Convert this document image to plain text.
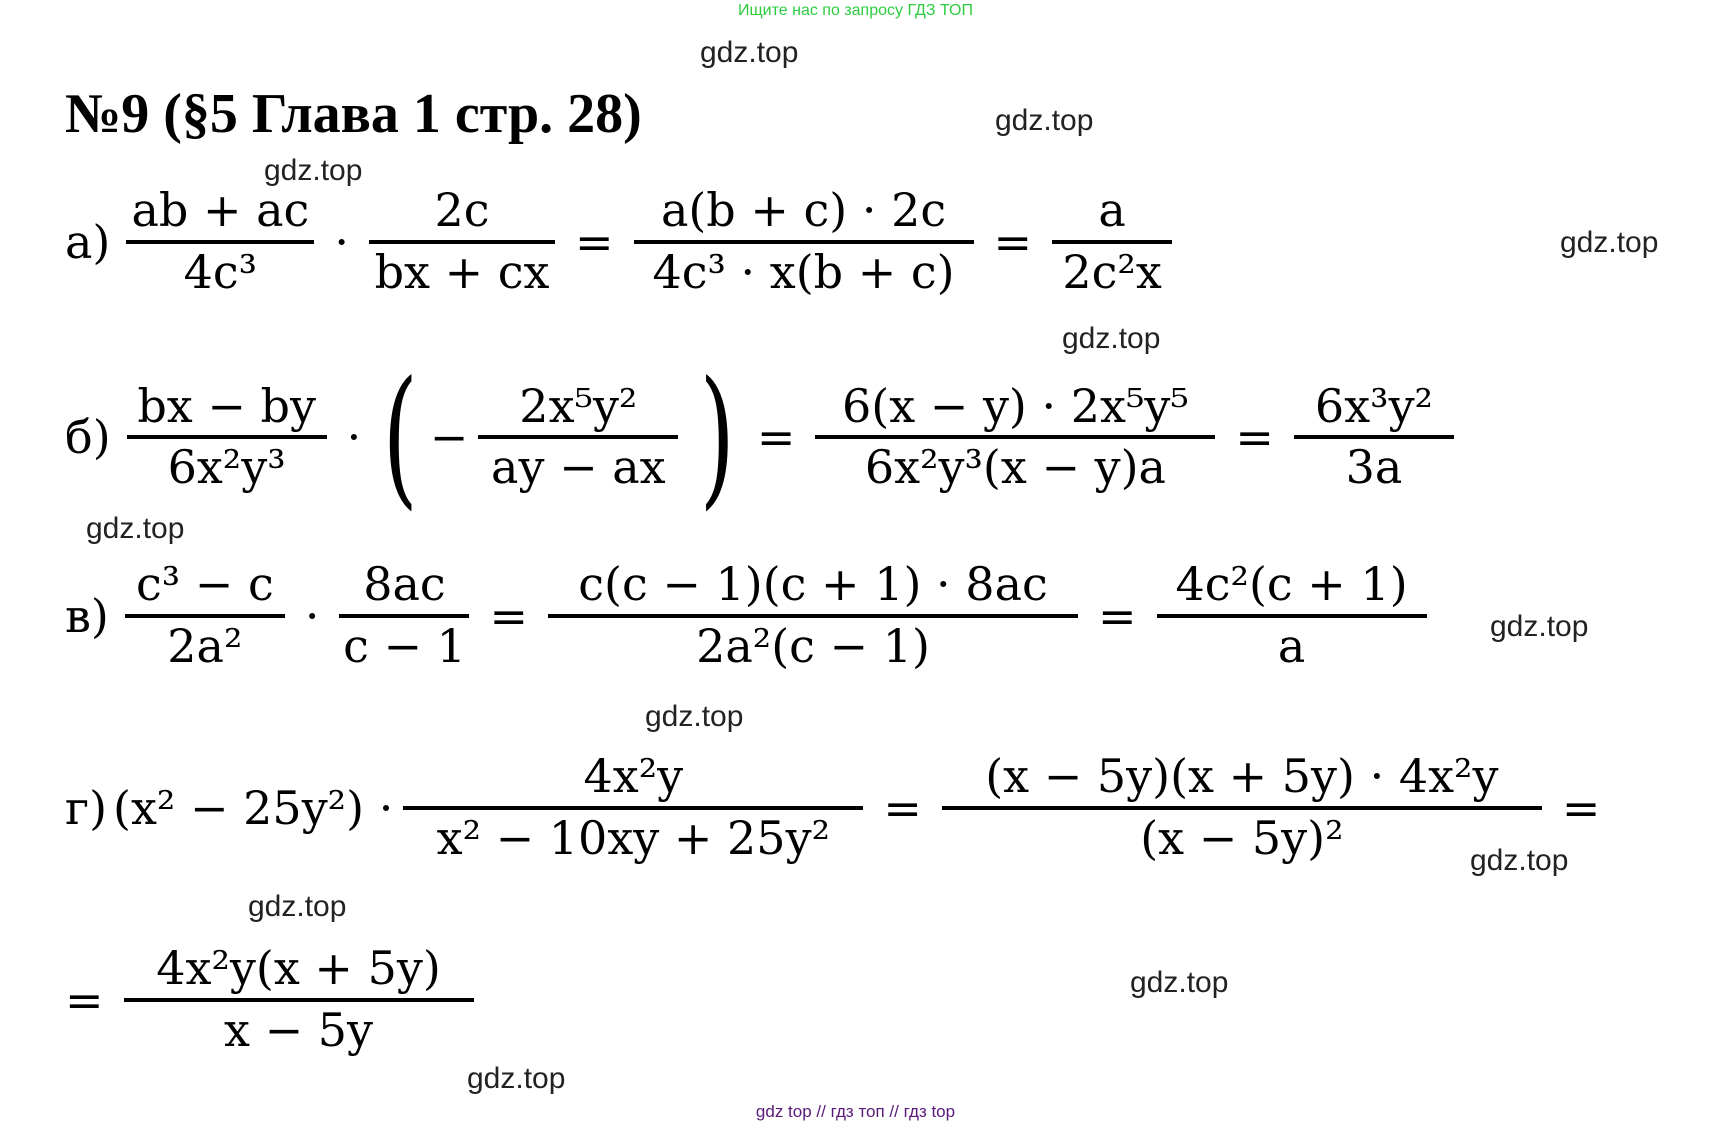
Ищите нас по запросу ГДЗ ТОП
gdz.top
№9 (§5 Глава 1 стр. 28)	gdz.top
gdz.top
gdz.top
$а) \frac{ab + ac}{\text{4c³}} \cdot \frac{2c}{bx + cx} = \frac{a(b + c) \cdot 2c}{\text{4c³ · x(b + c)}} = \frac{a}{\text{2c²x}}$
gdz.top
$б) \frac{bx - by}{\text{6x²y³}}$ · ( − $\frac{\text{2x⁵y²}}{ay - ax}$ ) = $\frac{\text{6(x − y) · 2x⁵y⁵}}{\text{6x²y³(x − y)a}} = \frac{\text{6x³y²}}{3a}$
gdz.top
$в) \frac{\text{c³ − c}}{\text{2a²}} \cdot \frac{8ac}{c - 1} = \frac{c(c - 1)(c + 1) \cdot 8ac}{\text{2a²(c − 1)}} = \frac{\text{4c²(c + 1)}}{a} gdz.top$
gdz.top
г) $(x^2 - 25y^2) \cdot \frac{\text{4x²y}}{\text{x² − 10xy + 25y²}} = \frac{\text{(x − 5y)(x + 5y) · 4x²y}}{\text{(x − 5y)²}}$ =
gdz.top
gdz.top
= $\frac{\text{4x²y(x + 5y)}}{x - 5y}$	gdz.top
gdz.top
gdz top // гдз топ // гдз top
